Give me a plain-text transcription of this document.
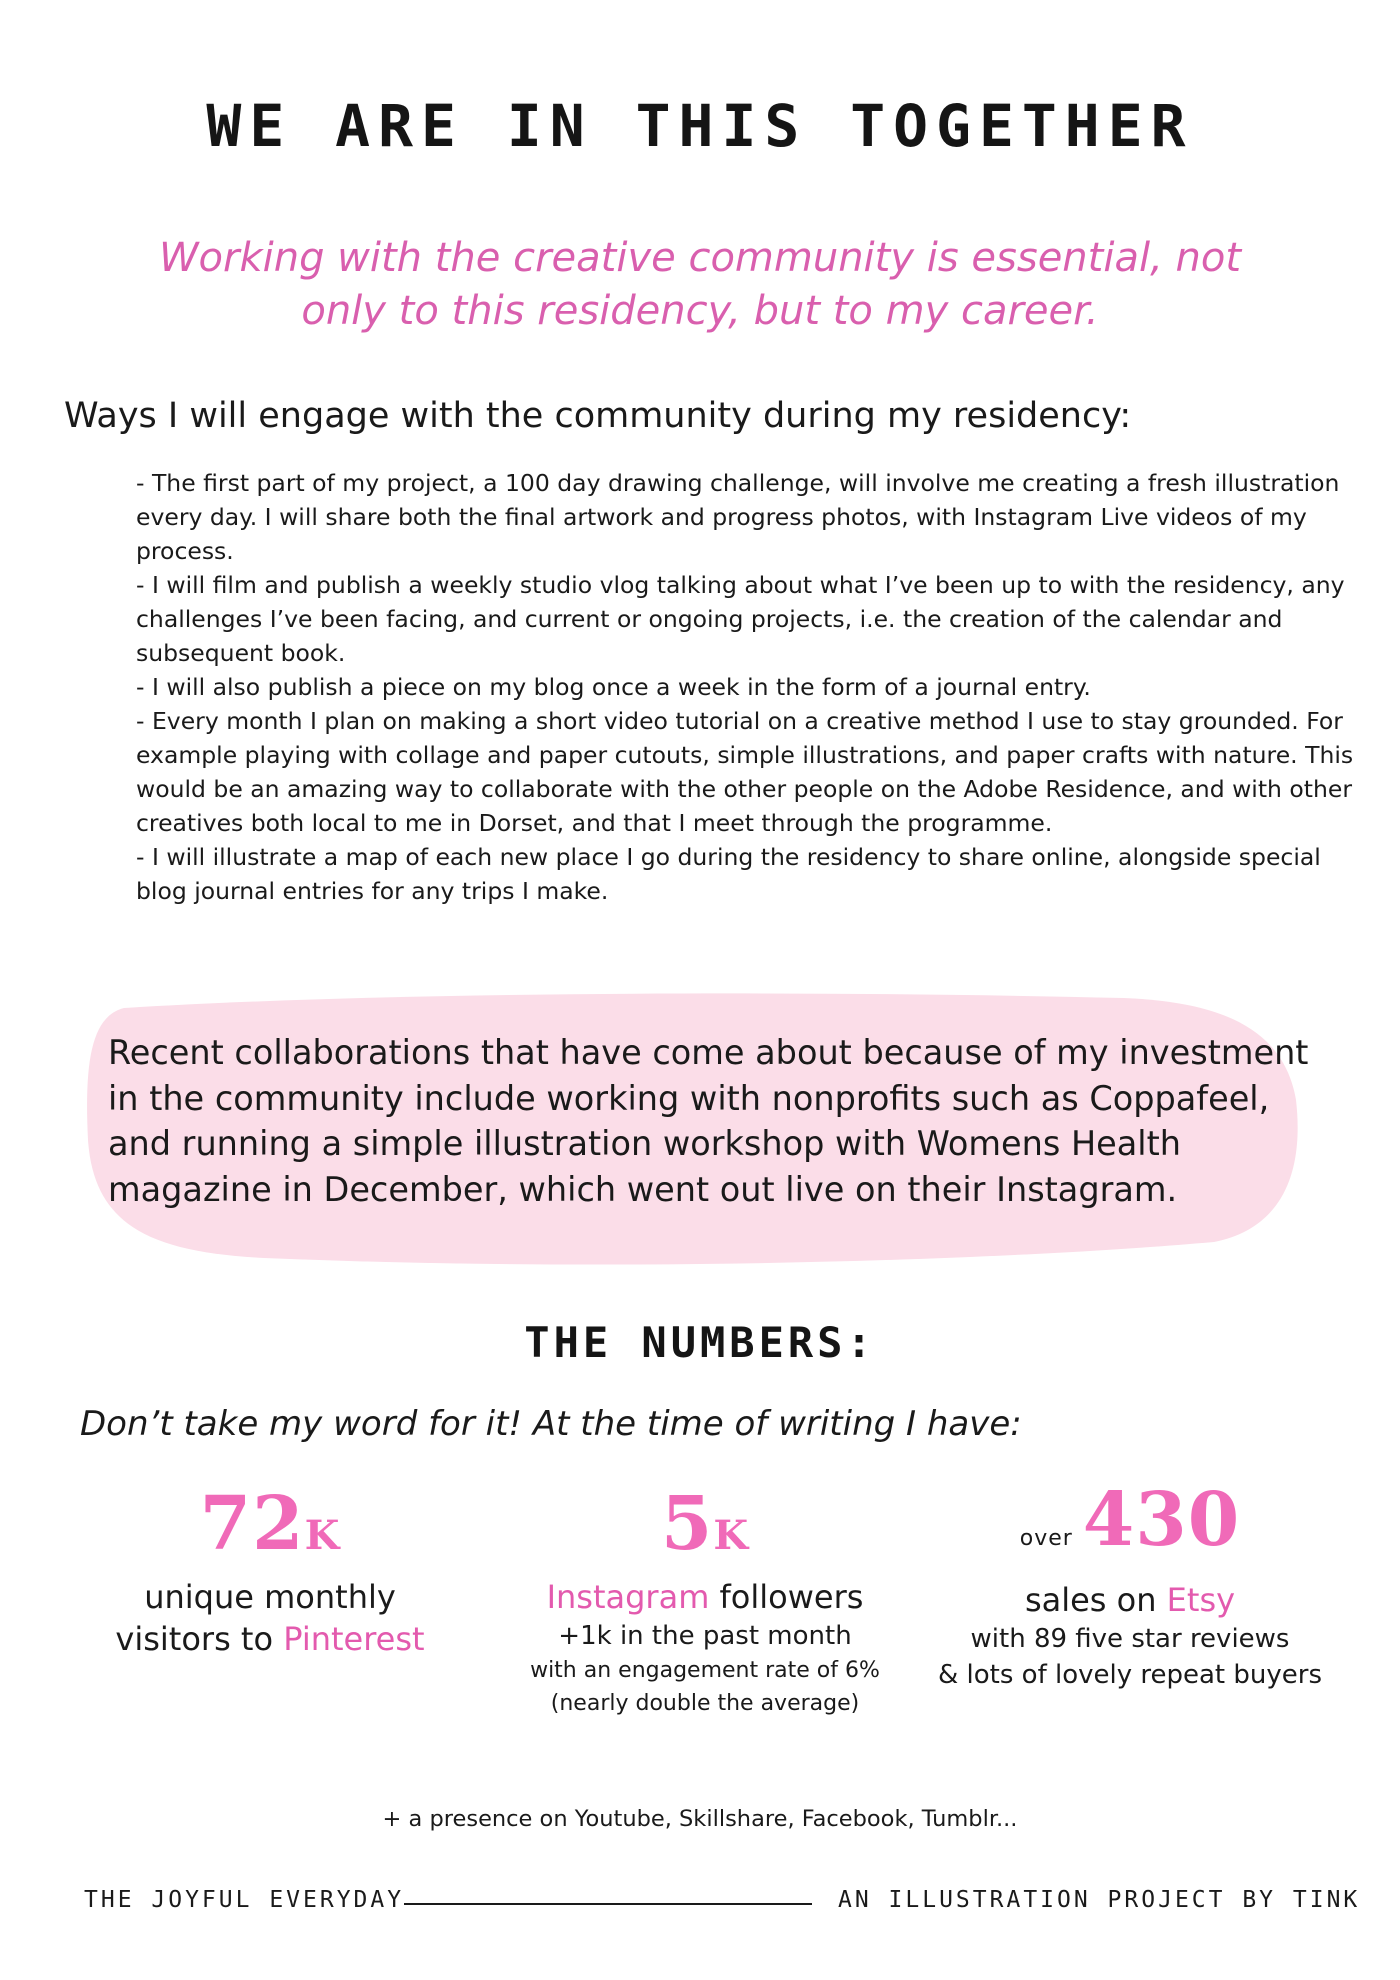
WE ARE IN THIS TOGETHER
Working with the creative community is essential, not only to this residency, but to my career.
Ways I will engage with the community during my residency:

- The first part of my project, a 100 day drawing challenge, will involve me creating a fresh illustration every day. I will share both the final artwork and progress photos, with Instagram Live videos of my process.

- I will film and publish a weekly studio vlog talking about what I’ve been up to with the residency, any challenges I’ve been facing, and current or ongoing projects, i.e. the creation of the calendar and subsequent book.

- I will also publish a piece on my blog once a week in the form of a journal entry.

- Every month I plan on making a short video tutorial on a creative method I use to stay grounded. For example playing with collage and paper cutouts, simple illustrations, and paper crafts with nature. This would be an amazing way to collaborate with the other people on the Adobe Residence, and with other creatives both local to me in Dorset, and that I meet through the programme.

- I will illustrate a map of each new place I go during the residency to share online, alongside special blog journal entries for any trips I make.

Recent collaborations that have come about because of my investment in the community include working with nonprofits such as Coppafeel, and running a simple illustration workshop with Womens Health magazine in December, which went out live on their Instagram.
THE NUMBERS:
Don’t take my word for it! At the time of writing I have:
72K
unique monthly
visitors to Pinterest
5K
Instagram followers
+1k in the past month
with an engagement rate of 6%
(nearly double the average)
over 430
sales on Etsy
with 89 five star reviews
& lots of lovely repeat buyers
+ a presence on Youtube, Skillshare, Facebook, Tumblr...
THE JOYFUL EVERYDAY	AN ILLUSTRATION PROJECT BY TINK
